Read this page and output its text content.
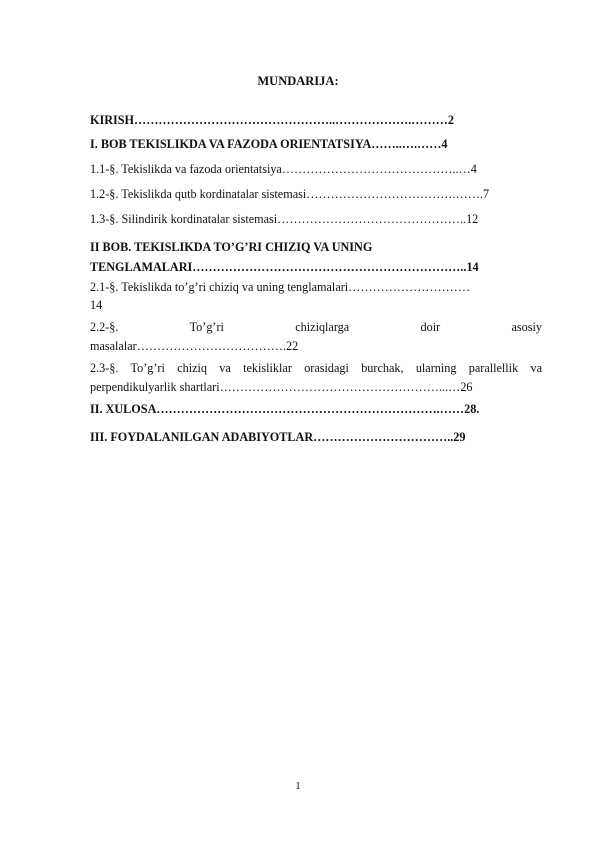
MUNDARIJA:
KIRISH…………………………………………..……………….………2
I. BOB TEKISLIKDA VA FAZODA ORIENTATSIYA……..….……4
1.1-§. Tekislikda va fazoda orientatsiya……………………………………..…4
1.2-§. Tekislikda qutb kordinatalar sistemasi……………………………….…….7
1.3-§. Silindirik kordinatalar sistemasi………………………………………..12
II BOB. TEKISLIKDA TO’G’RI CHIZIQ VA UNING
TENGLAMALARI…………………………………………………………..14
2.1-§. Tekislikda to’g’ri chiziq va uning tenglamalari…………………………
14
2.2-§. To’g’ri chiziqlarga doir asosiy
masalalar……………………………….22
2.3-§. To’g’ri chiziq va tekisliklar orasidagi burchak, ularning parallellik va
perpendikulyarlik shartlari………………………………………………...…26
II. XULOSA…………………………………………………………….……28.
III. FOYDALANILGAN ADABIYOTLAR……………………………..29
1
